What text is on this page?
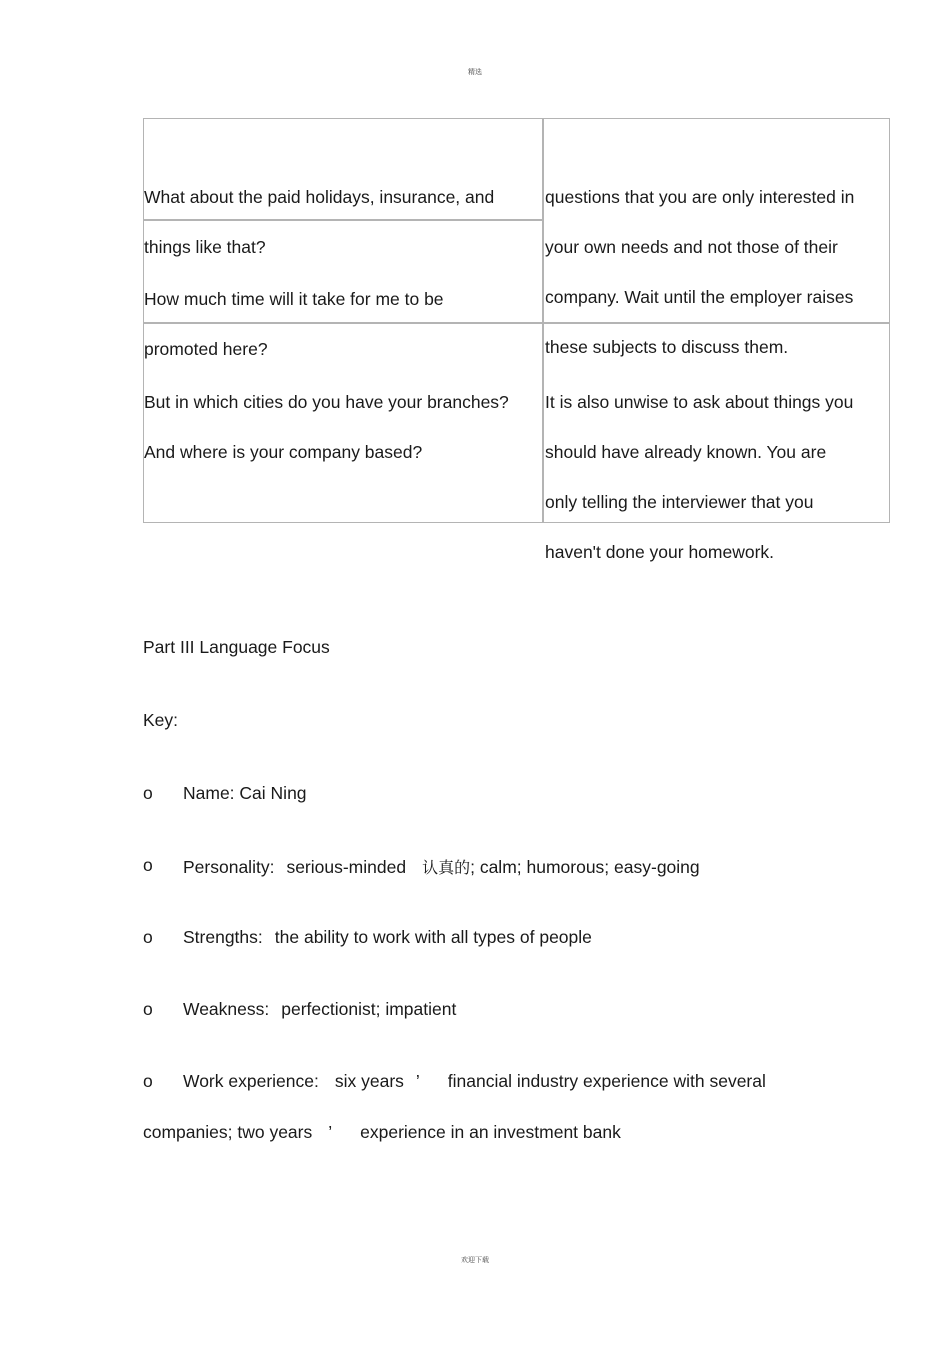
精选

What about the paid holidays, insurance, and
things like that?

How much time will it take for me to be
promoted here?

questions that you are only interested in
your own needs and not those of their
company. Wait until the employer raises
these subjects to discuss them.

But in which cities do you have your branches?
And where is your company based?

It is also unwise to ask about things you
should have already known. You are
only telling the interviewer that you
haven't done your homework.

Part III Language Focus
Key:
o Name: Cai Ning
o Personality: serious-minded 认真的; calm; humorous; easy-going
o Strengths: the ability to work with all types of people
o Weakness: perfectionist; impatient
o Work experience: six years ’ financial industry experience with several
companies; two years ’ experience in an investment bank
欢迎下载
